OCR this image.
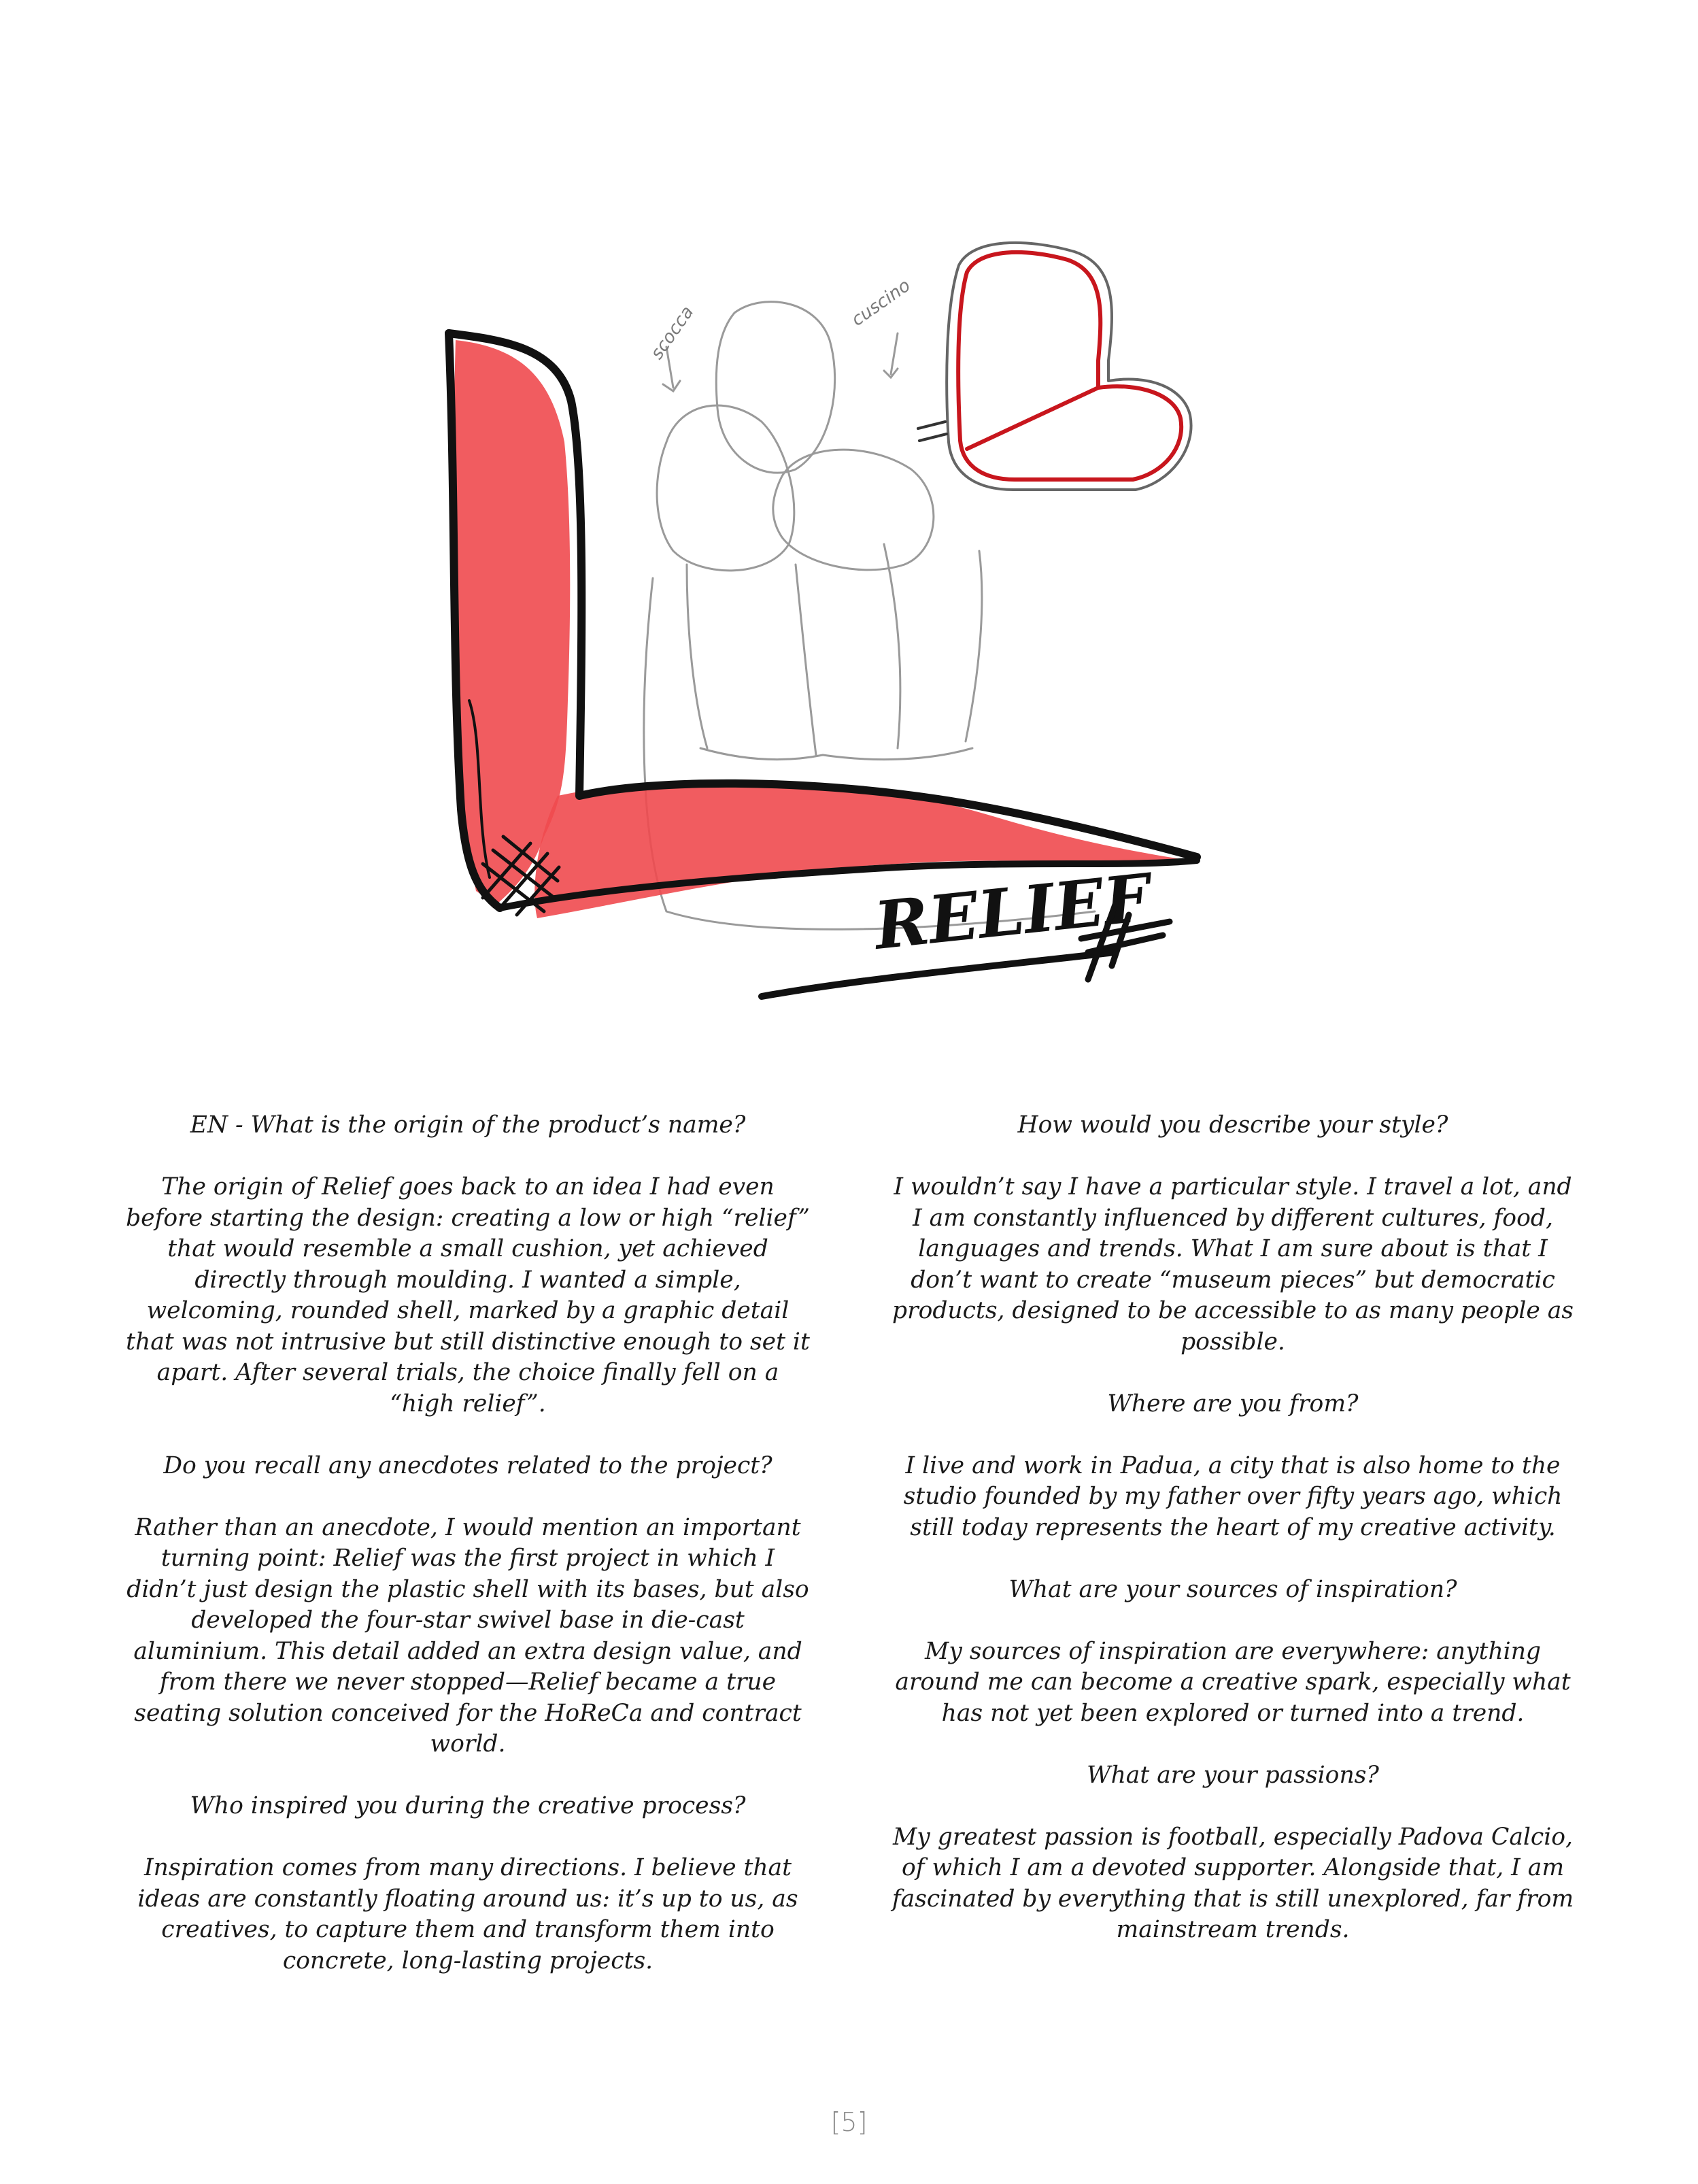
scocca	cuscino
RELIEF

EN - What is the origin of the product’s name?

The origin of Relief goes back to an idea I had even before starting the design: creating a low or high “relief” that would resemble a small cushion, yet achieved directly through moulding. I wanted a simple, welcoming, rounded shell, marked by a graphic detail that was not intrusive but still distinctive enough to set it apart. After several trials, the choice finally fell on a “high relief”.

Do you recall any anecdotes related to the project?

Rather than an anecdote, I would mention an important turning point: Relief was the first project in which I didn’t just design the plastic shell with its bases, but also developed the four-star swivel base in die-cast aluminium. This detail added an extra design value, and from there we never stopped—Relief became a true seating solution conceived for the HoReCa and contract world.

Who inspired you during the creative process?

Inspiration comes from many directions. I believe that ideas are constantly floating around us: it’s up to us, as creatives, to capture them and transform them into concrete, long-lasting projects.

How would you describe your style?

I wouldn’t say I have a particular style. I travel a lot, and I am constantly influenced by different cultures, food, languages and trends. What I am sure about is that I don’t want to create “museum pieces” but democratic products, designed to be accessible to as many people as possible.

Where are you from?

I live and work in Padua, a city that is also home to the studio founded by my father over fifty years ago, which still today represents the heart of my creative activity.

What are your sources of inspiration?

My sources of inspiration are everywhere: anything around me can become a creative spark, especially what has not yet been explored or turned into a trend.

What are your passions?

My greatest passion is football, especially Padova Calcio, of which I am a devoted supporter. Alongside that, I am fascinated by everything that is still unexplored, far from mainstream trends.

[5]
